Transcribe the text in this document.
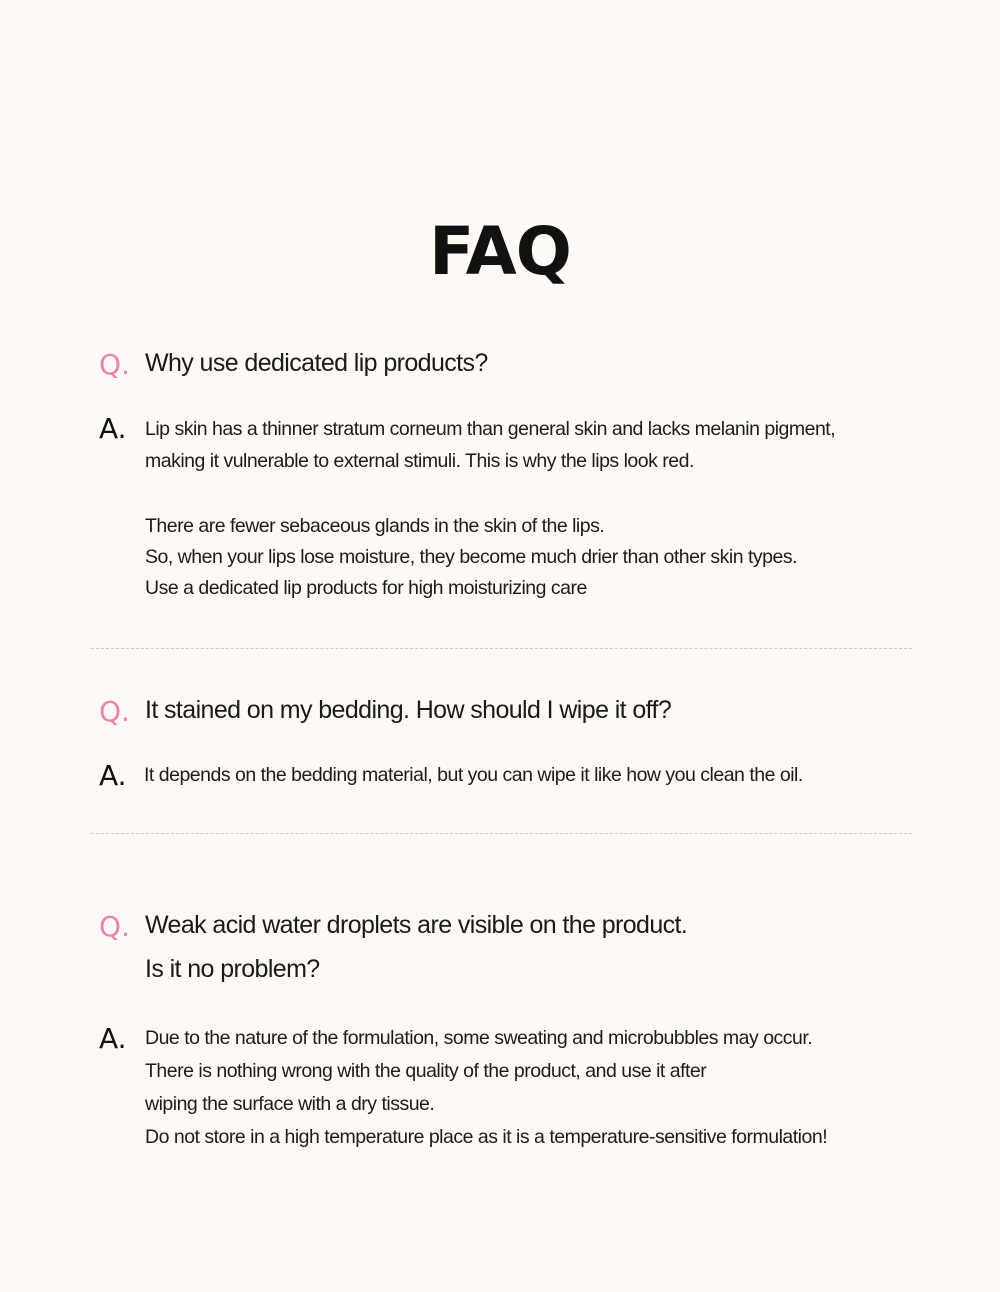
FAQ
Q. Why use dedicated lip products?
A. Lip skin has a thinner stratum corneum than general skin and lacks melanin pigment,
making it vulnerable to external stimuli. This is why the lips look red.
There are fewer sebaceous glands in the skin of the lips.
So, when your lips lose moisture, they become much drier than other skin types.
Use a dedicated lip products for high moisturizing care
Q. It stained on my bedding. How should I wipe it off?
A. It depends on the bedding material, but you can wipe it like how you clean the oil.
Q. Weak acid water droplets are visible on the product.
Is it no problem?
A. Due to the nature of the formulation, some sweating and microbubbles may occur.
There is nothing wrong with the quality of the product, and use it after
wiping the surface with a dry tissue.
Do not store in a high temperature place as it is a temperature-sensitive formulation!
